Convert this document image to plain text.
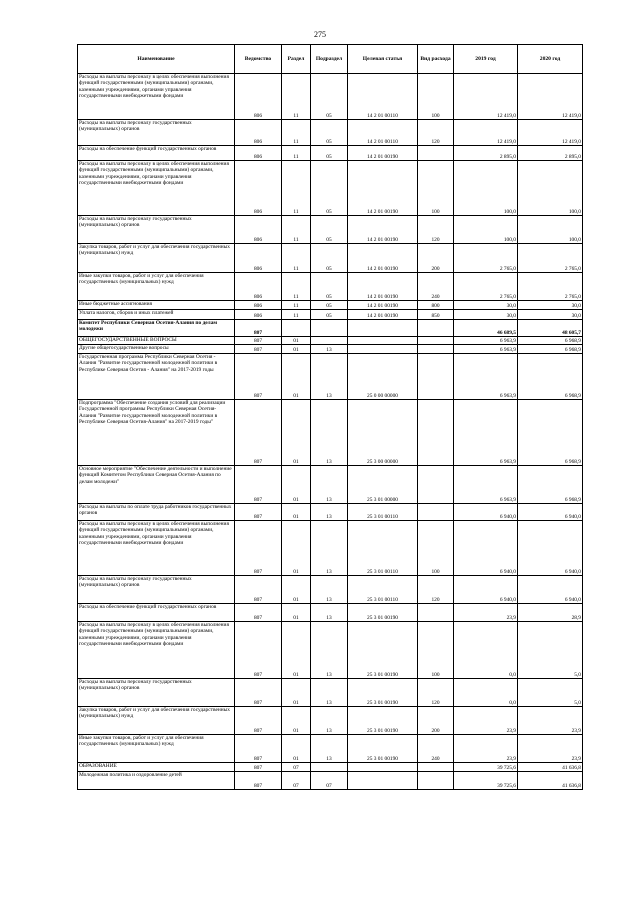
275
Наименование	Ведомство	Раздел	Подраздел	Целевая статья	Вид расхода	2019 год	2020 год
Расходы на выплаты персоналу в целях обеспечения выполнения функций государственными (муниципальными) органами, казенными учреждениями, органами управления государственными внебюджетными фондами	806	11	05	14 2 01 00110	100	12 419,0	12 419,0
Расходы на выплаты персоналу государственных (муниципальных) органов	806	11	05	14 2 01 00110	120	12 419,0	12 419,0
Расходы на обеспечение функций государственных органов	806	11	05	14 2 01 00190		2 895,0	2 895,0
Расходы на выплаты персоналу в целях обеспечения выполнения функций государственными (муниципальными) органами, казенными учреждениями, органами управления государственными внебюджетными фондами	806	11	05	14 2 01 00190	100	100,0	100,0
Расходы на выплаты персоналу государственных (муниципальных) органов	806	11	05	14 2 01 00190	120	100,0	100,0
Закупка товаров, работ и услуг для обеспечения государственных (муниципальных) нужд	806	11	05	14 2 01 00190	200	2 765,0	2 765,0
Иные закупки товаров, работ и услуг для обеспечения государственных (муниципальных) нужд	806	11	05	14 2 01 00190	240	2 765,0	2 765,0
Иные бюджетные ассигнования	806	11	05	14 2 01 00190	800	30,0	30,0
Уплата налогов, сборов и иных платежей	806	11	05	14 2 01 00190	850	30,0	30,0
Комитет Республики Северная Осетия-Алания по делам молодежи	807					46 689,5	48 605,7
ОБЩЕГОСУДАРСТВЕННЫЕ ВОПРОСЫ	807	01				6 963,9	6 968,9
Другие общегосударственные вопросы	807	01	13			6 963,9	6 968,9
Государственная программа Республики Северная Осетия - Алания "Развитие государственной молодежной политики в Республике Северная Осетия - Алания" на 2017-2019 годы	807	01	13	25 0 00 00000		6 963,9	6 968,9
Подпрограмма "Обеспечение создания условий для реализации Государственной программы Республики Северная Осетия-Алания "Развитие государственной молодежной политики в Республике Северная Осетия-Алания" на 2017-2019 годы"	807	01	13	25 3 00 00000		6 963,9	6 968,9
Основное мероприятие "Обеспечение деятельности и выполнение функций Комитетом Республики Северная Осетия-Алания по делам молодежи"	807	01	13	25 3 01 00000		6 963,9	6 968,9
Расходы на выплаты по оплате труда работников государственных органов	807	01	13	25 3 01 00110		6 940,0	6 940,0
Расходы на выплаты персоналу в целях обеспечения выполнения функций государственными (муниципальными) органами, казенными учреждениями, органами управления государственными внебюджетными фондами	807	01	13	25 3 01 00110	100	6 940,0	6 940,0
Расходы на выплаты персоналу государственных (муниципальных) органов	807	01	13	25 3 01 00110	120	6 940,0	6 940,0
Расходы на обеспечение функций государственных органов	807	01	13	25 3 01 00190		23,9	28,9
Расходы на выплаты персоналу в целях обеспечения выполнения функций государственными (муниципальными) органами, казенными учреждениями, органами управления государственными внебюджетными фондами	807	01	13	25 3 01 00190	100	0,0	5,0
Расходы на выплаты персоналу государственных (муниципальных) органов	807	01	13	25 3 01 00190	120	0,0	5,0
Закупка товаров, работ и услуг для обеспечения государственных (муниципальных) нужд	807	01	13	25 3 01 00190	200	23,9	23,9
Иные закупки товаров, работ и услуг для обеспечения государственных (муниципальных) нужд	807	01	13	25 3 01 00190	240	23,9	23,9
ОБРАЗОВАНИЕ	807	07				39 725,6	41 636,8
Молодежная политика и оздоровление детей	807	07	07			39 725,6	41 636,8
